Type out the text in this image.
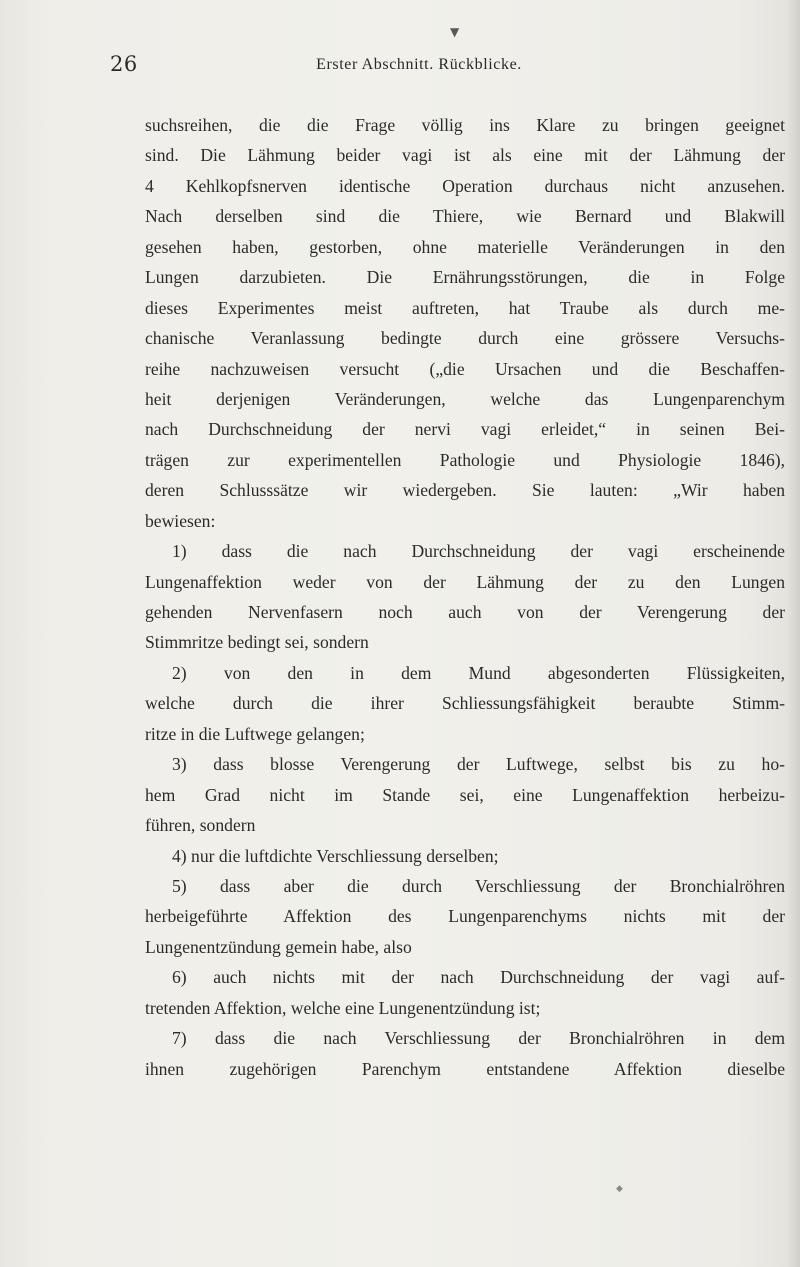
▼
◆
26	Erster Abschnitt. Rückblicke.
suchsreihen, die die Frage völlig ins Klare zu bringen geeignet
sind. Die Lähmung beider vagi ist als eine mit der Lähmung der
4 Kehlkopfsnerven identische Operation durchaus nicht anzusehen.
Nach derselben sind die Thiere, wie Bernard und Blakwill
gesehen haben, gestorben, ohne materielle Veränderungen in den
Lungen darzubieten. Die Ernährungsstörungen, die in Folge
dieses Experimentes meist auftreten, hat Traube als durch me-
chanische Veranlassung bedingte durch eine grössere Versuchs-
reihe nachzuweisen versucht („die Ursachen und die Beschaffen-
heit derjenigen Veränderungen, welche das Lungenparenchym
nach Durchschneidung der nervi vagi erleidet,“ in seinen Bei-
trägen zur experimentellen Pathologie und Physiologie 1846),
deren Schlusssätze wir wiedergeben. Sie lauten: „Wir haben
bewiesen:
1) dass die nach Durchschneidung der vagi erscheinende
Lungenaffektion weder von der Lähmung der zu den Lungen
gehenden Nervenfasern noch auch von der Verengerung der
Stimmritze bedingt sei, sondern
2) von den in dem Mund abgesonderten Flüssigkeiten,
welche durch die ihrer Schliessungsfähigkeit beraubte Stimm-
ritze in die Luftwege gelangen;
3) dass blosse Verengerung der Luftwege, selbst bis zu ho-
hem Grad nicht im Stande sei, eine Lungenaffektion herbeizu-
führen, sondern
4) nur die luftdichte Verschliessung derselben;
5) dass aber die durch Verschliessung der Bronchialröhren
herbeigeführte Affektion des Lungenparenchyms nichts mit der
Lungenentzündung gemein habe, also
6) auch nichts mit der nach Durchschneidung der vagi auf-
tretenden Affektion, welche eine Lungenentzündung ist;
7) dass die nach Verschliessung der Bronchialröhren in dem
ihnen zugehörigen Parenchym entstandene Affektion dieselbe
